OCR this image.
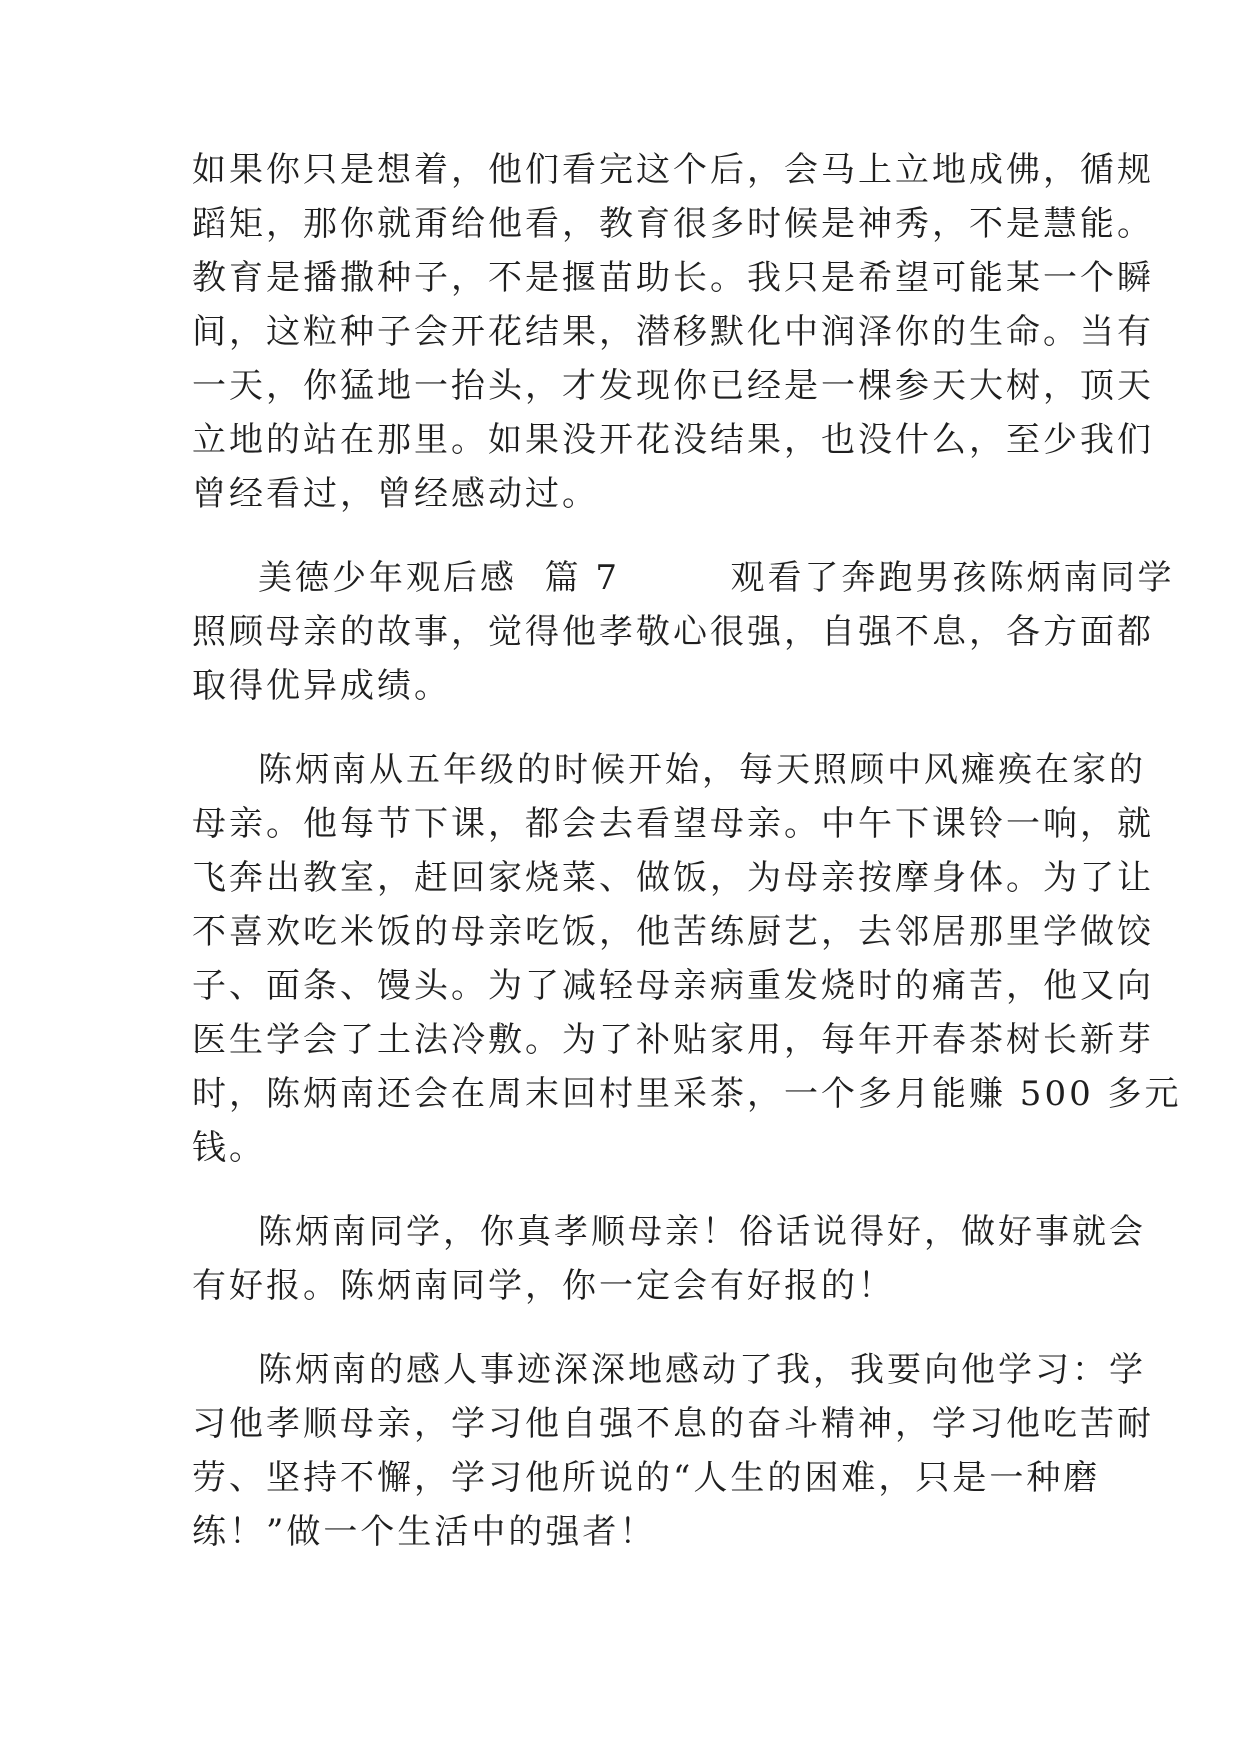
如果你只是想着，他们看完这个后，会马上立地成佛，循规
蹈矩，那你就甭给他看，教育很多时候是神秀，不是慧能。
教育是播撒种子，不是揠苗助长。我只是希望可能某一个瞬
间，这粒种子会开花结果，潜移默化中润泽你的生命。当有
一天，你猛地一抬头，才发现你已经是一棵参天大树，顶天
立地的站在那里。如果没开花没结果，也没什么，至少我们
曾经看过，曾经感动过。
美德少年观后感  篇 7        观看了奔跑男孩陈炳南同学
照顾母亲的故事，觉得他孝敬心很强，自强不息，各方面都
取得优异成绩。
陈炳南从五年级的时候开始，每天照顾中风瘫痪在家的
母亲。他每节下课，都会去看望母亲。中午下课铃一响，就
飞奔出教室，赶回家烧菜、做饭，为母亲按摩身体。为了让
不喜欢吃米饭的母亲吃饭，他苦练厨艺，去邻居那里学做饺
子、面条、馒头。为了减轻母亲病重发烧时的痛苦，他又向
医生学会了土法冷敷。为了补贴家用，每年开春茶树长新芽
时，陈炳南还会在周末回村里采茶，一个多月能赚 500 多元
钱。
陈炳南同学，你真孝顺母亲！俗话说得好，做好事就会
有好报。陈炳南同学，你一定会有好报的！
陈炳南的感人事迹深深地感动了我，我要向他学习：学
习他孝顺母亲，学习他自强不息的奋斗精神，学习他吃苦耐
劳、坚持不懈，学习他所说的“人生的困难，只是一种磨
练！”做一个生活中的强者！
